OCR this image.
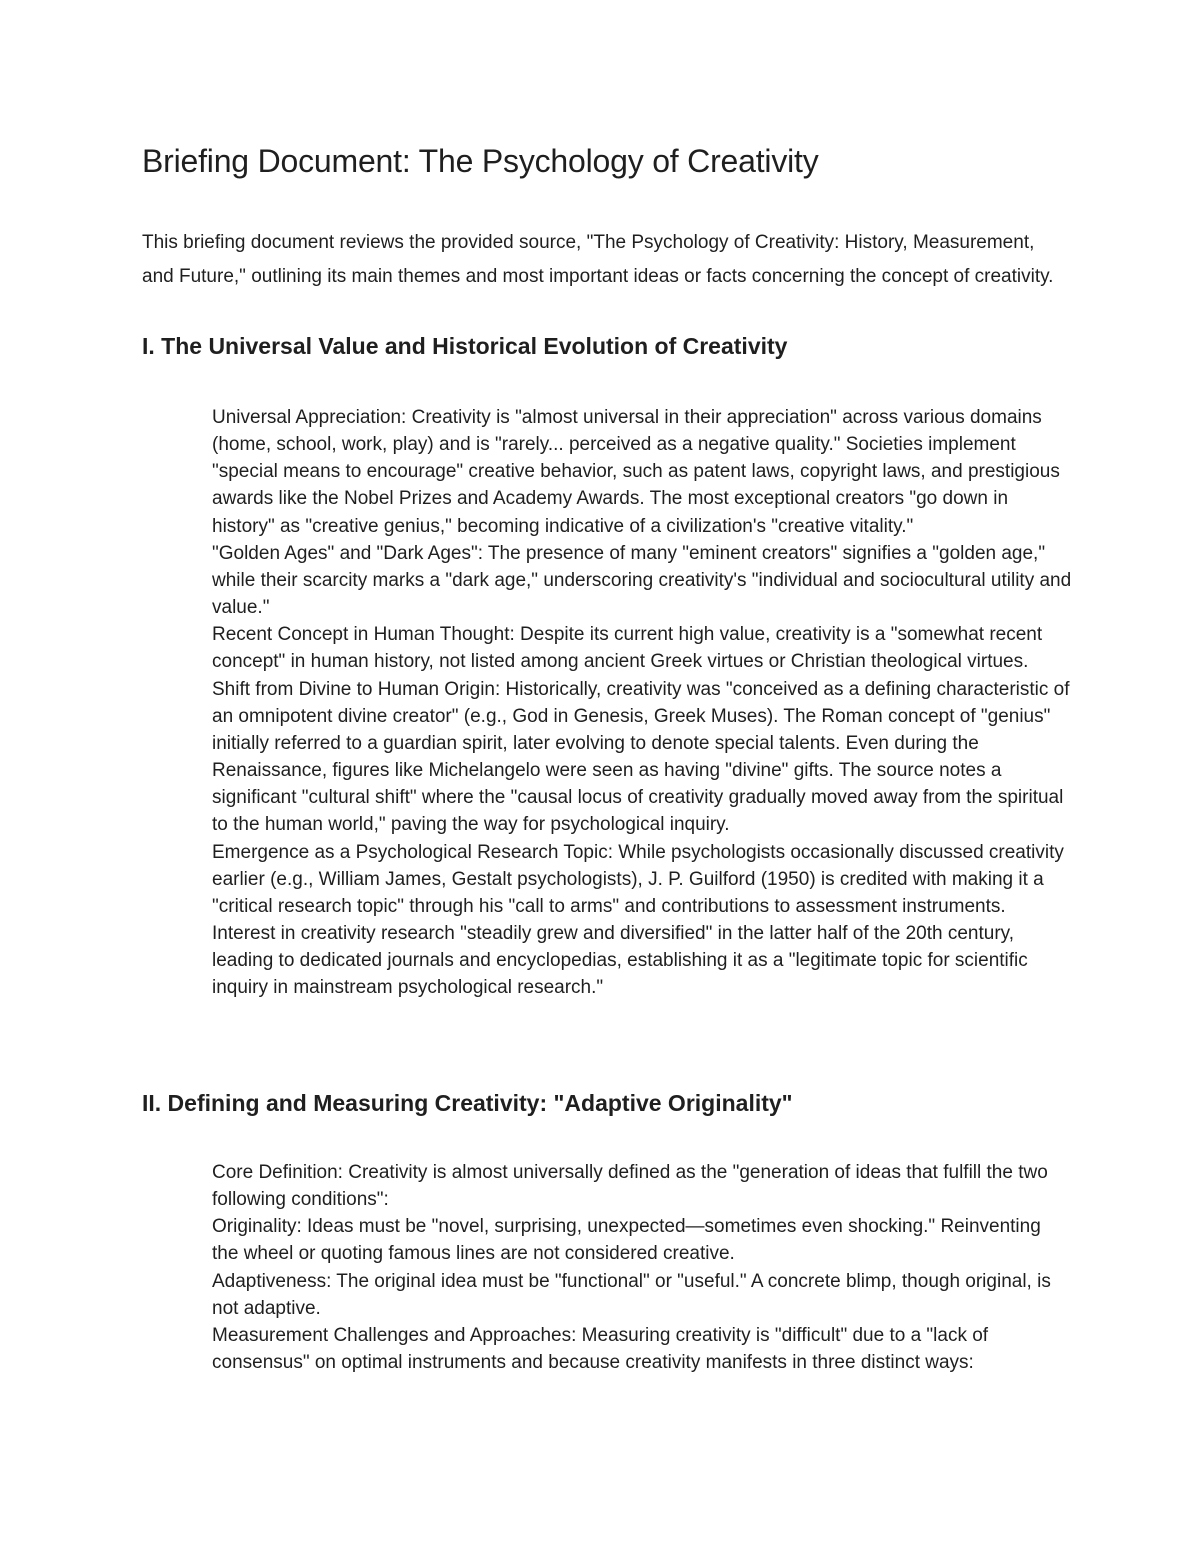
Briefing Document: The Psychology of Creativity

This briefing document reviews the provided source, "The Psychology of Creativity: History, Measurement, and Future," outlining its main themes and most important ideas or facts concerning the concept of creativity.

I. The Universal Value and Historical Evolution of Creativity
Universal Appreciation: Creativity is "almost universal in their appreciation" across various domains (home, school, work, play) and is "rarely... perceived as a negative quality." Societies implement "special means to encourage" creative behavior, such as patent laws, copyright laws, and prestigious awards like the Nobel Prizes and Academy Awards. The most exceptional creators "go down in history" as "creative genius," becoming indicative of a civilization's "creative vitality."
"Golden Ages" and "Dark Ages": The presence of many "eminent creators" signifies a "golden age," while their scarcity marks a "dark age," underscoring creativity's "individual and sociocultural utility and value."
Recent Concept in Human Thought: Despite its current high value, creativity is a "somewhat recent concept" in human history, not listed among ancient Greek virtues or Christian theological virtues.
Shift from Divine to Human Origin: Historically, creativity was "conceived as a defining characteristic of an omnipotent divine creator" (e.g., God in Genesis, Greek Muses). The Roman concept of "genius" initially referred to a guardian spirit, later evolving to denote special talents. Even during the Renaissance, figures like Michelangelo were seen as having "divine" gifts. The source notes a significant "cultural shift" where the "causal locus of creativity gradually moved away from the spiritual to the human world," paving the way for psychological inquiry.
Emergence as a Psychological Research Topic: While psychologists occasionally discussed creativity earlier (e.g., William James, Gestalt psychologists), J. P. Guilford (1950) is credited with making it a "critical research topic" through his "call to arms" and contributions to assessment instruments. Interest in creativity research "steadily grew and diversified" in the latter half of the 20th century, leading to dedicated journals and encyclopedias, establishing it as a "legitimate topic for scientific inquiry in mainstream psychological research."
II. Defining and Measuring Creativity: "Adaptive Originality"
Core Definition: Creativity is almost universally defined as the "generation of ideas that fulfill the two following conditions":
Originality: Ideas must be "novel, surprising, unexpected—sometimes even shocking." Reinventing the wheel or quoting famous lines are not considered creative.
Adaptiveness: The original idea must be "functional" or "useful." A concrete blimp, though original, is not adaptive.
Measurement Challenges and Approaches: Measuring creativity is "difficult" due to a "lack of consensus" on optimal instruments and because creativity manifests in three distinct ways:
